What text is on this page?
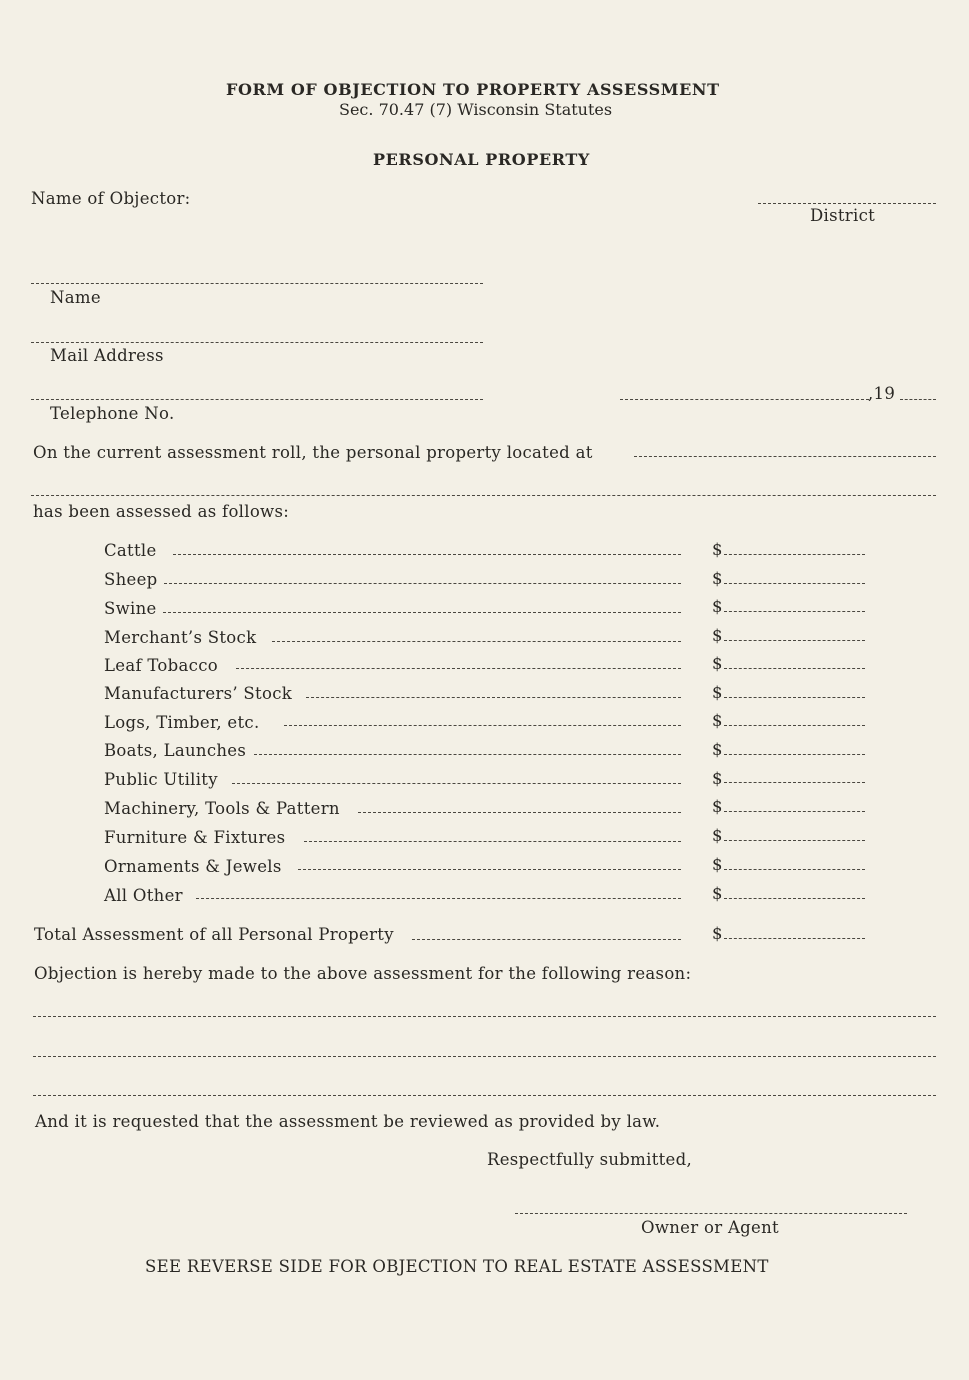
FORM OF OBJECTION TO PROPERTY ASSESSMENT
Sec. 70.47 (7) Wisconsin Statutes
PERSONAL PROPERTY
Name of Objector:
District
Name
Mail Address
Telephone No.
,19
On the current assessment roll, the personal property located at
has been assessed as follows:
Cattle	$
Sheep	$
Swine	$
Merchant’s Stock	$
Leaf Tobacco	$
Manufacturers’ Stock	$
Logs, Timber, etc.	$
Boats, Launches	$
Public Utility	$
Machinery, Tools & Pattern	$
Furniture & Fixtures	$
Ornaments & Jewels	$
All Other	$
Total Assessment of all Personal Property	$
Objection is hereby made to the above assessment for the following reason:
And it is requested that the assessment be reviewed as provided by law.
Respectfully submitted,
Owner or Agent
SEE REVERSE SIDE FOR OBJECTION TO REAL ESTATE ASSESSMENT
